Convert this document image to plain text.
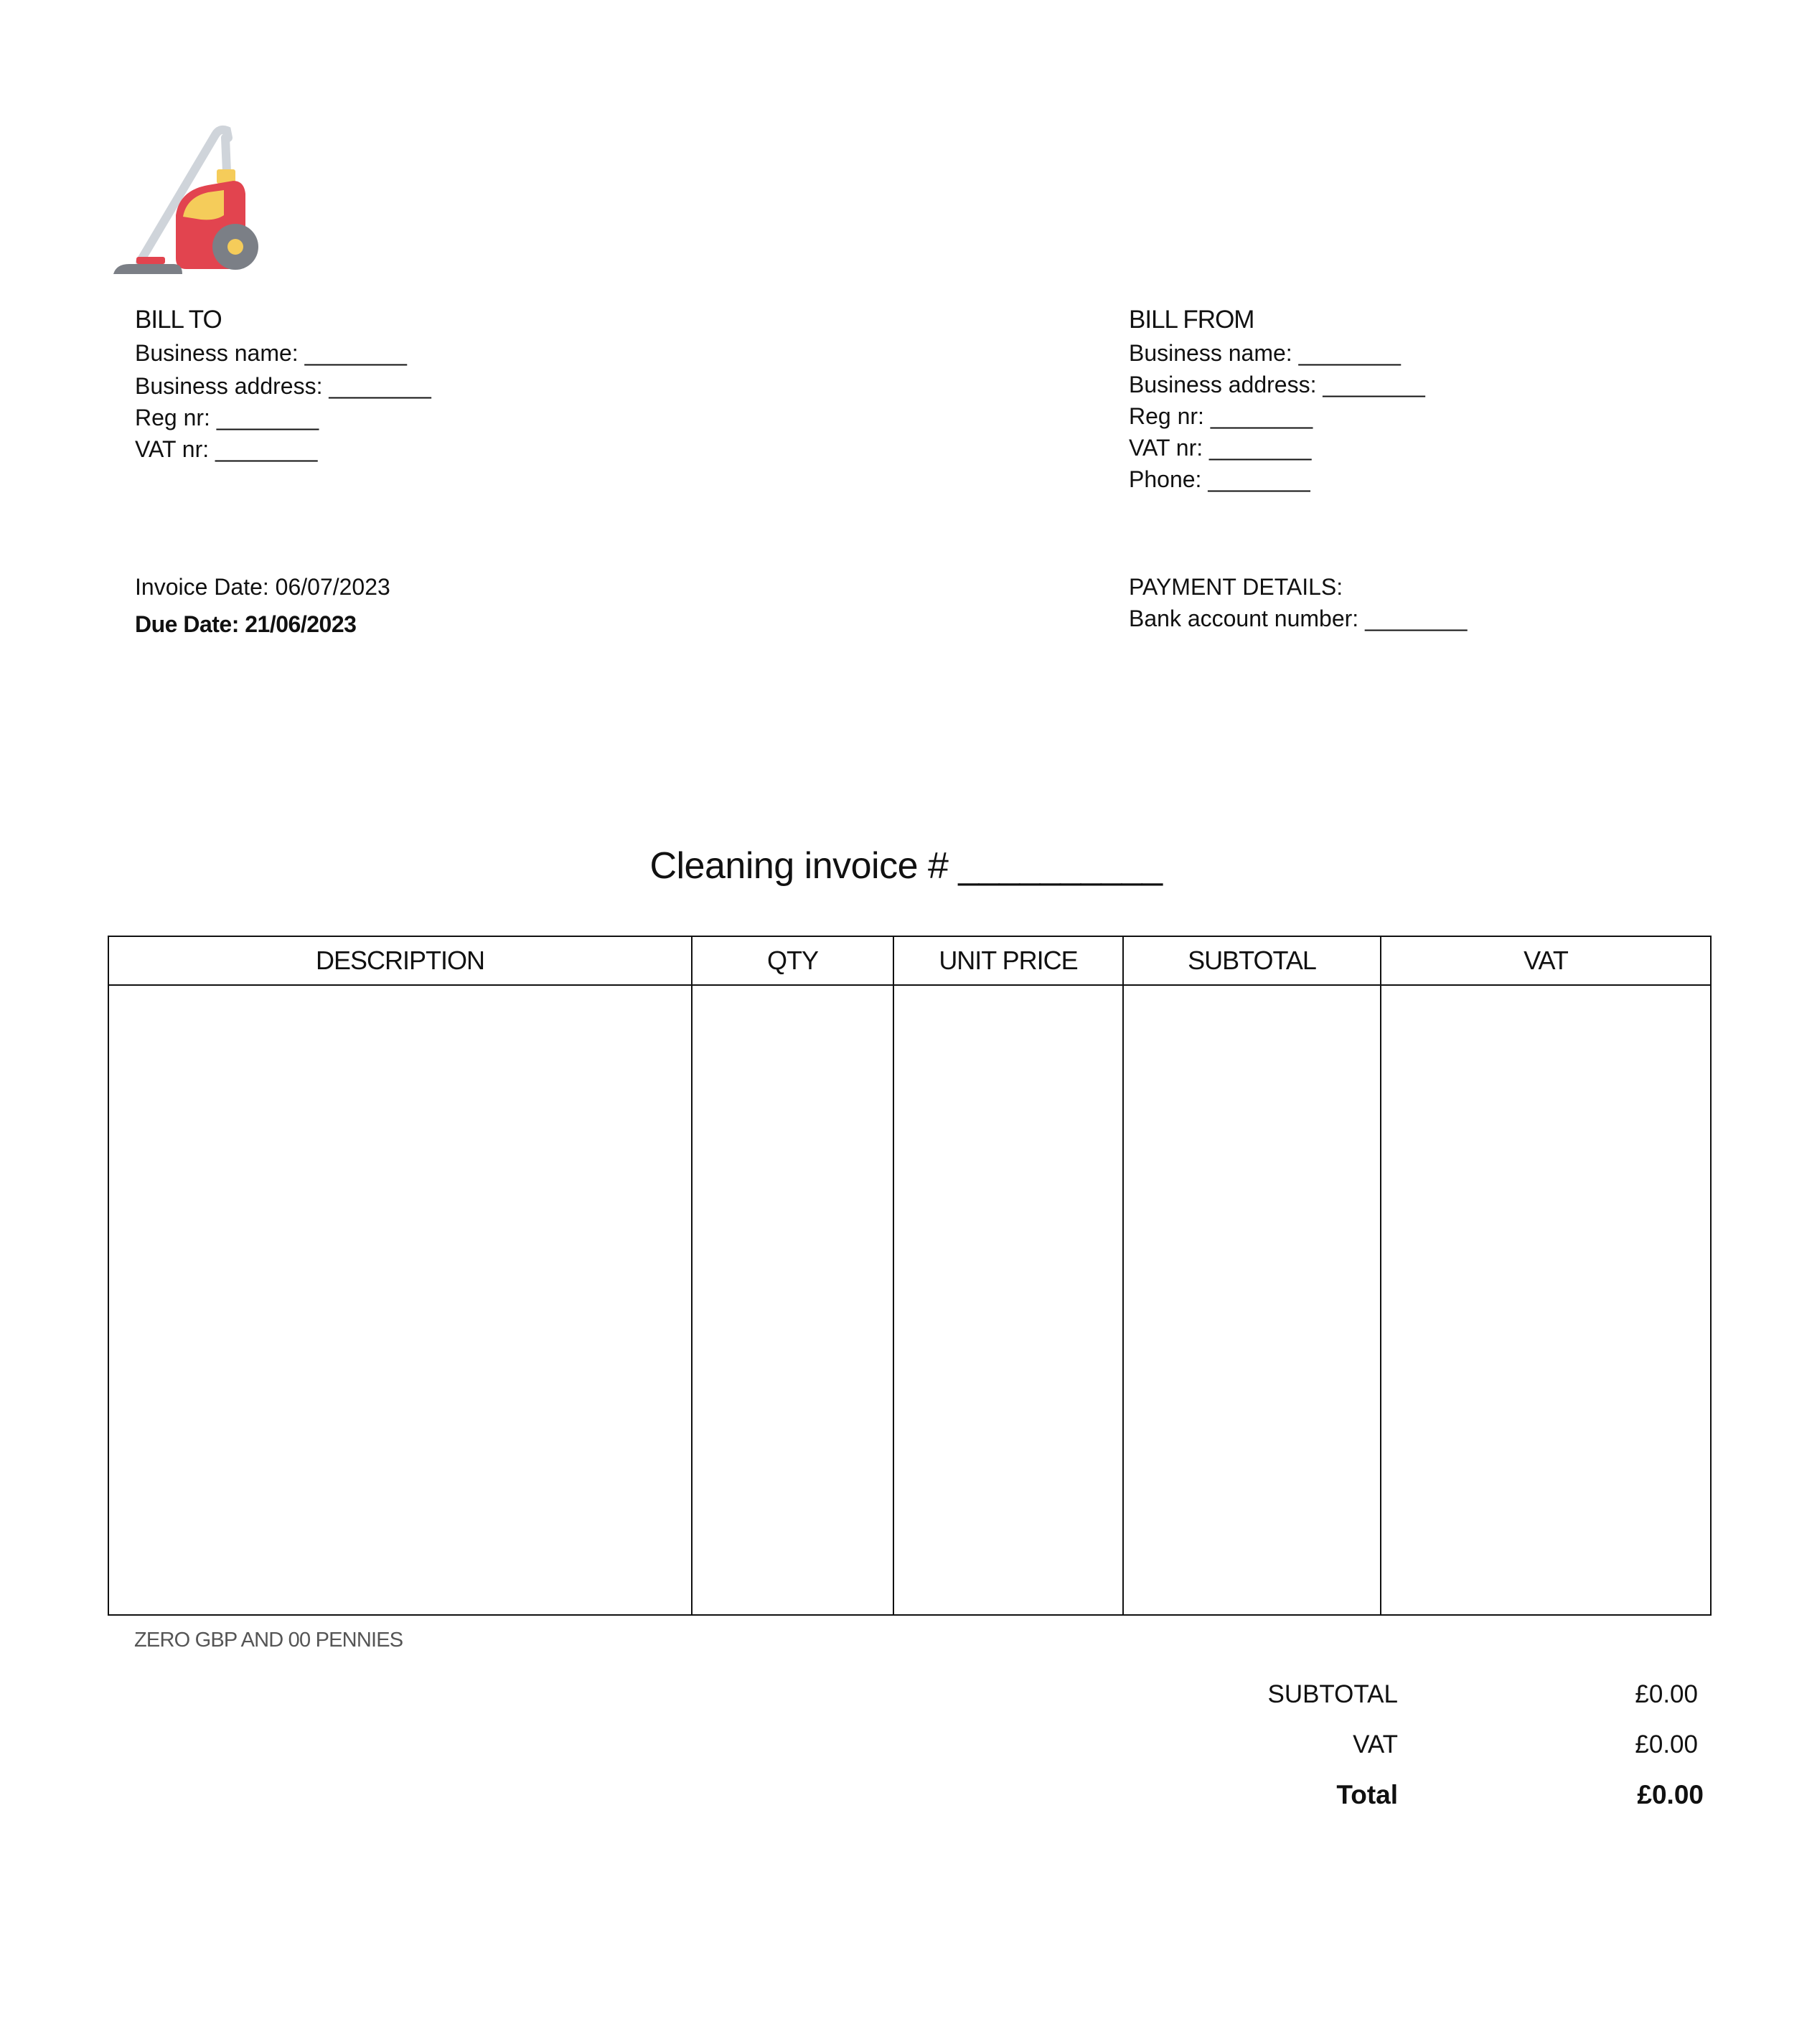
BILL TO
Business name: ________
Business address: ________
Reg nr: ________
VAT nr: ________
BILL FROM
Business name: ________
Business address: ________
Reg nr: ________
VAT nr: ________
Phone: ________
Invoice Date: 06/07/2023
Due Date: 21/06/2023
PAYMENT DETAILS:
Bank account number: ________
Cleaning invoice # __________
DESCRIPTION	QTY	UNIT PRICE	SUBTOTAL	VAT

ZERO GBP AND 00 PENNIES
SUBTOTAL	£0.00
VAT	£0.00
Total	£0.00
